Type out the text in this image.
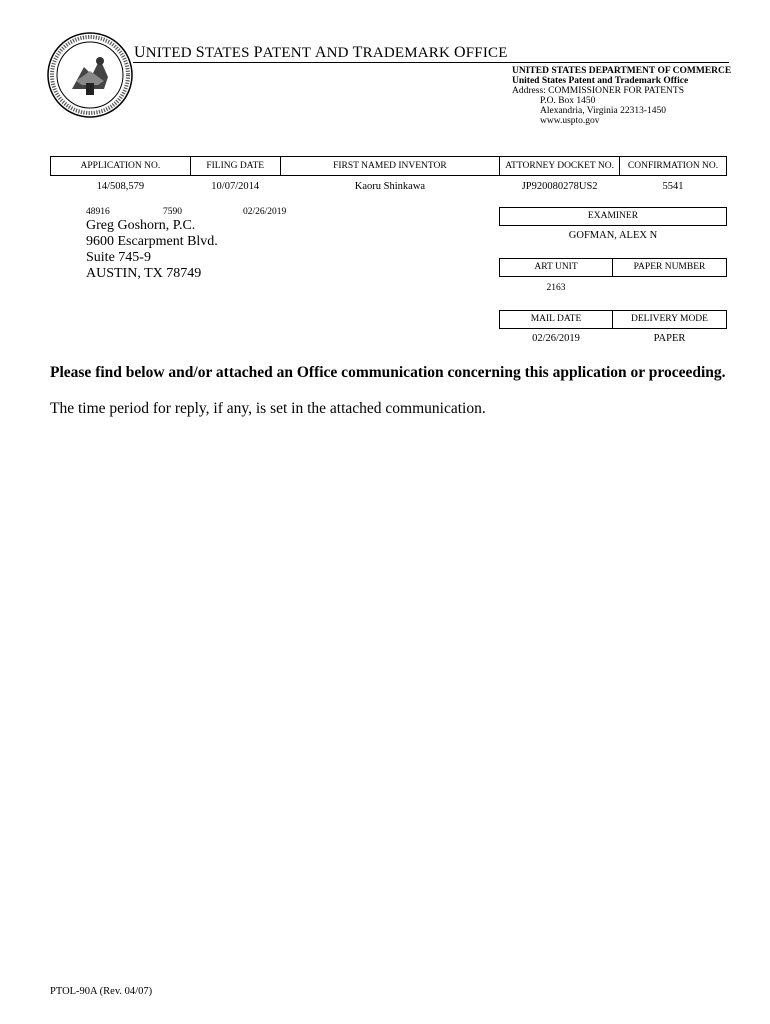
UNITED STATES PATENT AND TRADEMARK OFFICE
UNITED STATES DEPARTMENT OF COMMERCE
United States Patent and Trademark Office
Address: COMMISSIONER FOR PATENTS
P.O. Box 1450
Alexandria, Virginia 22313-1450
www.uspto.gov
APPLICATION NO.	FILING DATE	FIRST NAMED INVENTOR	ATTORNEY DOCKET NO.	CONFIRMATION NO.
14/508,579	10/07/2014	Kaoru Shinkawa	JP920080278US2	5541
48916	7590	02/26/2019
Greg Goshorn, P.C.
9600 Escarpment Blvd.
Suite 745-9
AUSTIN, TX 78749
EXAMINER
GOFMAN, ALEX N
ART UNIT	PAPER NUMBER
2163
MAIL DATE	DELIVERY MODE
02/26/2019	PAPER
Please find below and/or attached an Office communication concerning this application or proceeding.
The time period for reply, if any, is set in the attached communication.
PTOL-90A (Rev. 04/07)
